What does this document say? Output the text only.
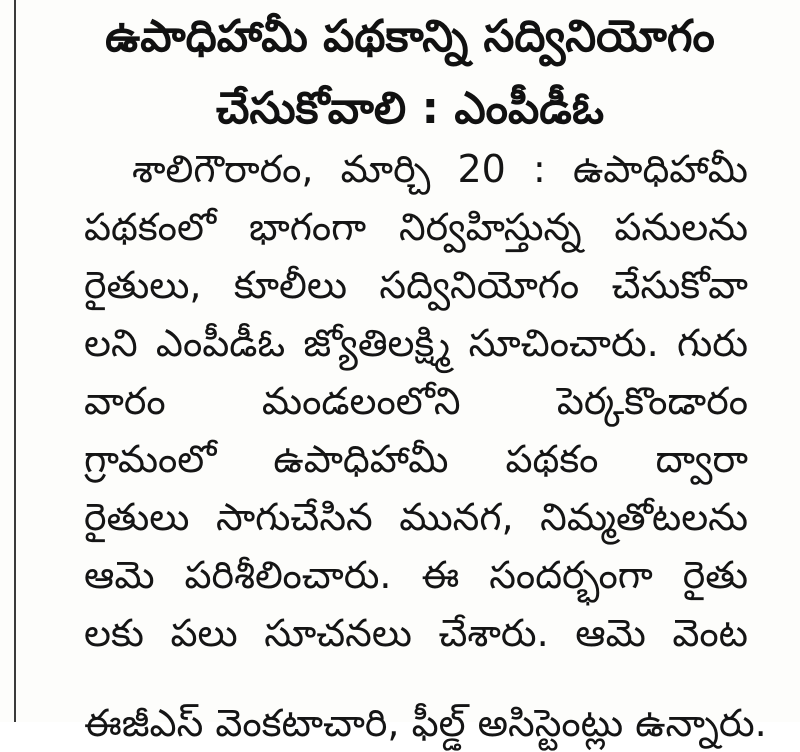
ఉపాధిహామీ పథకాన్ని సద్వినియోగం
చేసుకోవాలి : ఎంపీడీఓ
శాలిగౌరారం, మార్చి 20 : ఉపాధిహామీ
పథకంలో భాగంగా నిర్వహిస్తున్న పనులను
రైతులు, కూలీలు సద్వినియోగం చేసుకోవా
లని ఎంపీడీఓ జ్యోతిలక్ష్మి సూచించారు. గురు
వారం మండలంలోని పెర్కకొండారం
గ్రామంలో ఉపాధిహామీ పథకం ద్వారా
రైతులు సాగుచేసిన మునగ, నిమ్మతోటలను
ఆమె పరిశీలించారు. ఈ సందర్భంగా రైతు
లకు పలు సూచనలు చేశారు. ఆమె వెంట
ఈజీఎస్ వెంకటాచారి, ఫీల్డ్ అసిస్టెంట్లు ఉన్నారు.
